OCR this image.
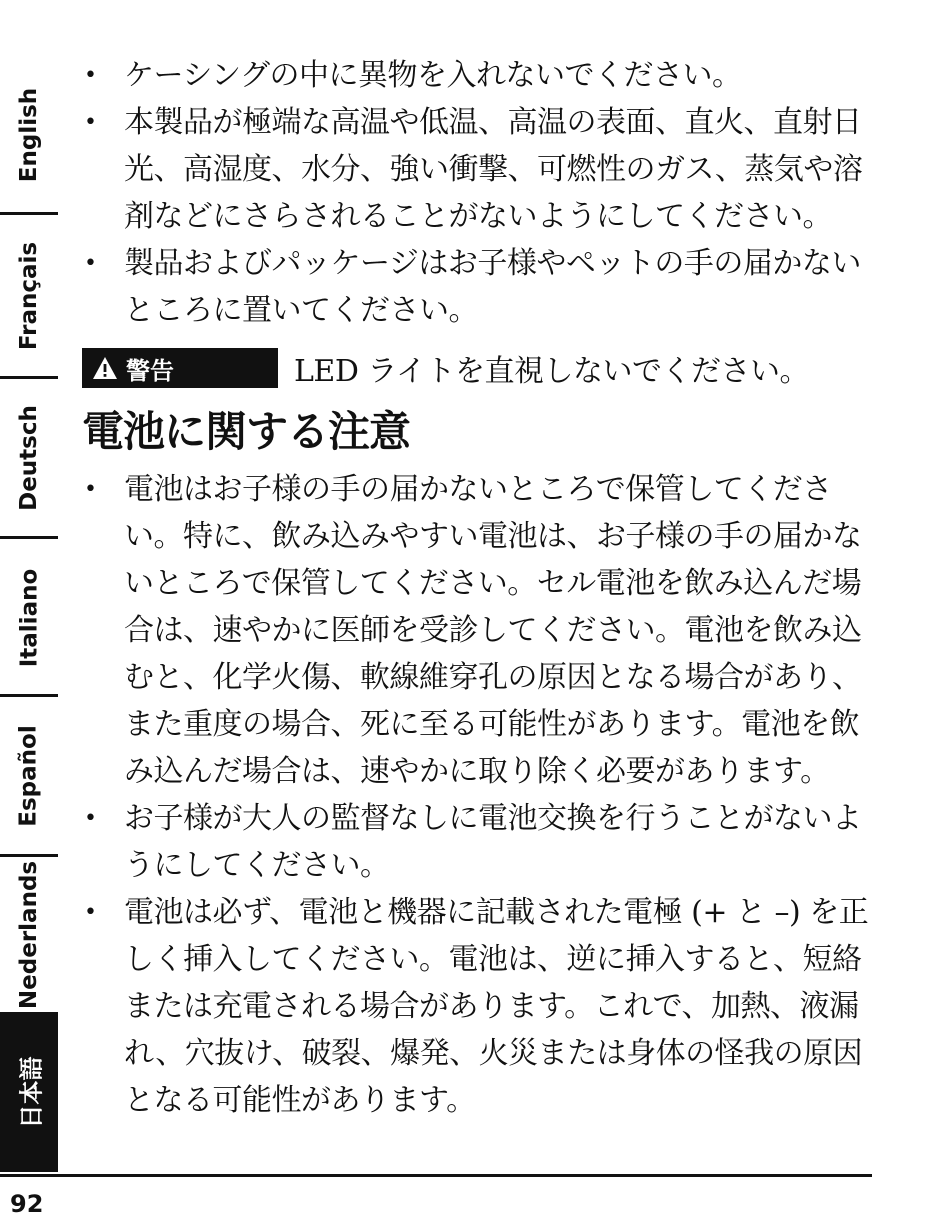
English
Français
Deutsch
Italiano
Español
Nederlands
日本語
• ケーシングの中に異物を入れないでください。
• 本製品が極端な高温や低温、高温の表面、直火、直射日光、高湿度、水分、強い衝撃、可燃性のガス、蒸気や溶剤などにさらされることがないようにしてください。
• 製品およびパッケージはお子様やペットの手の届かないところに置いてください。
警告	LED ライトを直視しないでください。
電池に関する注意
• 電池はお子様の手の届かないところで保管してください。特に、飲み込みやすい電池は、お子様の手の届かないところで保管してください。セル電池を飲み込んだ場合は、速やかに医師を受診してください。電池を飲み込むと、化学火傷、軟線維穿孔の原因となる場合があり、また重度の場合、死に至る可能性があります。電池を飲み込んだ場合は、速やかに取り除く必要があります。
• お子様が大人の監督なしに電池交換を行うことがないようにしてください。
• 電池は必ず、電池と機器に記載された電極 (+ と –) を正しく挿入してください。電池は、逆に挿入すると、短絡または充電される場合があります。これで、加熱、液漏れ、穴抜け、破裂、爆発、火災または身体の怪我の原因となる可能性があります。
92
